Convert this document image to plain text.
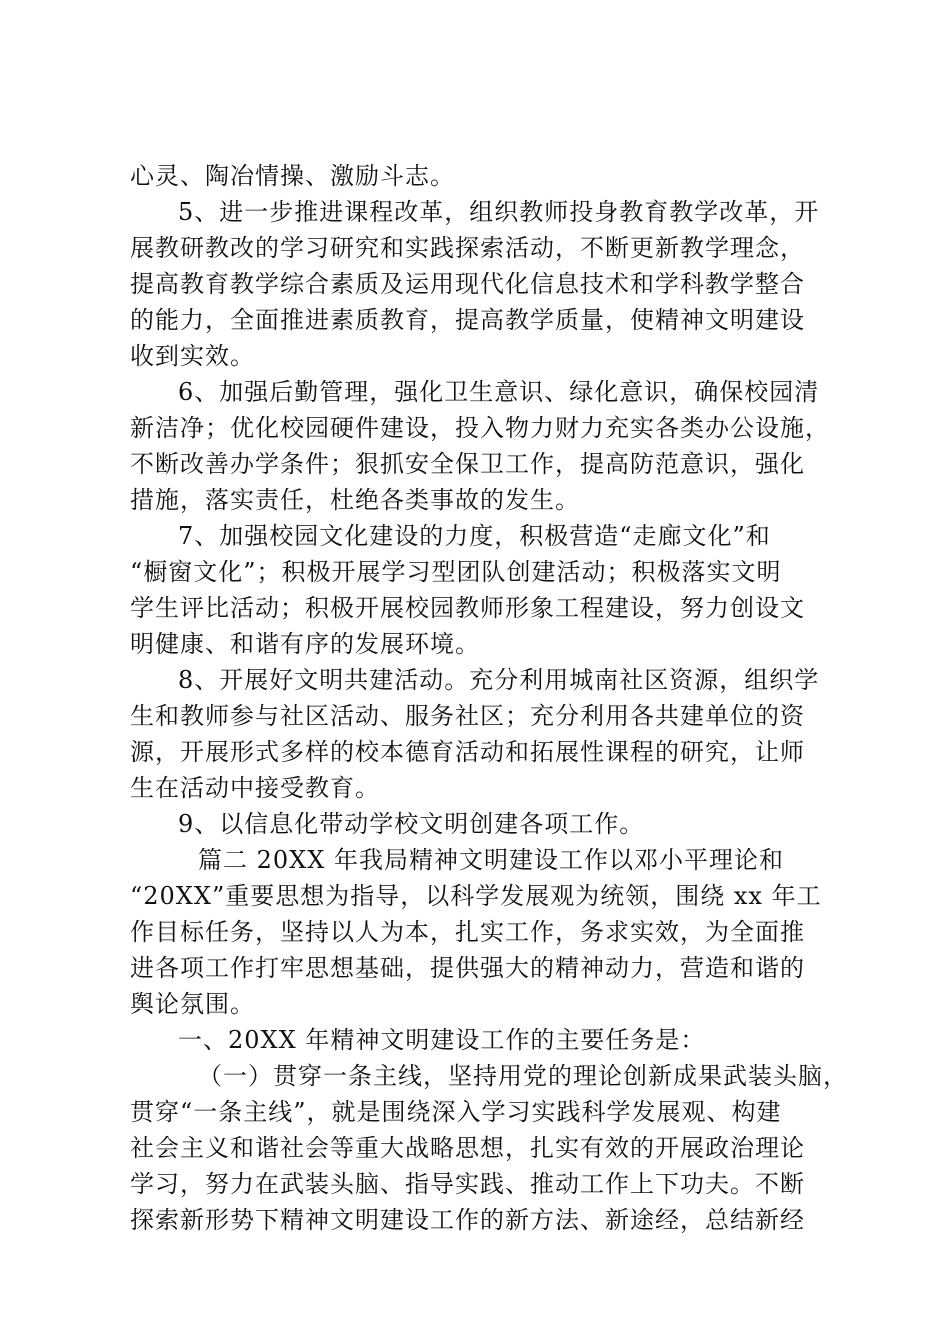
心灵、陶冶情操、激励斗志。
5、进一步推进课程改革，组织教师投身教育教学改革，开
展教研教改的学习研究和实践探索活动，不断更新教学理念，
提高教育教学综合素质及运用现代化信息技术和学科教学整合
的能力，全面推进素质教育，提高教学质量，使精神文明建设
收到实效。
6、加强后勤管理，强化卫生意识、绿化意识，确保校园清
新洁净；优化校园硬件建设，投入物力财力充实各类办公设施，
不断改善办学条件；狠抓安全保卫工作，提高防范意识，强化
措施，落实责任，杜绝各类事故的发生。
7、加强校园文化建设的力度，积极营造“走廊文化”和
“橱窗文化”；积极开展学习型团队创建活动；积极落实文明
学生评比活动；积极开展校园教师形象工程建设，努力创设文
明健康、和谐有序的发展环境。
8、开展好文明共建活动。充分利用城南社区资源，组织学
生和教师参与社区活动、服务社区；充分利用各共建单位的资
源，开展形式多样的校本德育活动和拓展性课程的研究，让师
生在活动中接受教育。
9、以信息化带动学校文明创建各项工作。
篇二 20XX 年我局精神文明建设工作以邓小平理论和
“20XX”重要思想为指导，以科学发展观为统领，围绕 xx 年工
作目标任务，坚持以人为本，扎实工作，务求实效，为全面推
进各项工作打牢思想基础，提供强大的精神动力，营造和谐的
舆论氛围。
一、20XX 年精神文明建设工作的主要任务是：
（一）贯穿一条主线，坚持用党的理论创新成果武装头脑，
贯穿“一条主线”，就是围绕深入学习实践科学发展观、构建
社会主义和谐社会等重大战略思想，扎实有效的开展政治理论
学习，努力在武装头脑、指导实践、推动工作上下功夫。不断
探索新形势下精神文明建设工作的新方法、新途经，总结新经
